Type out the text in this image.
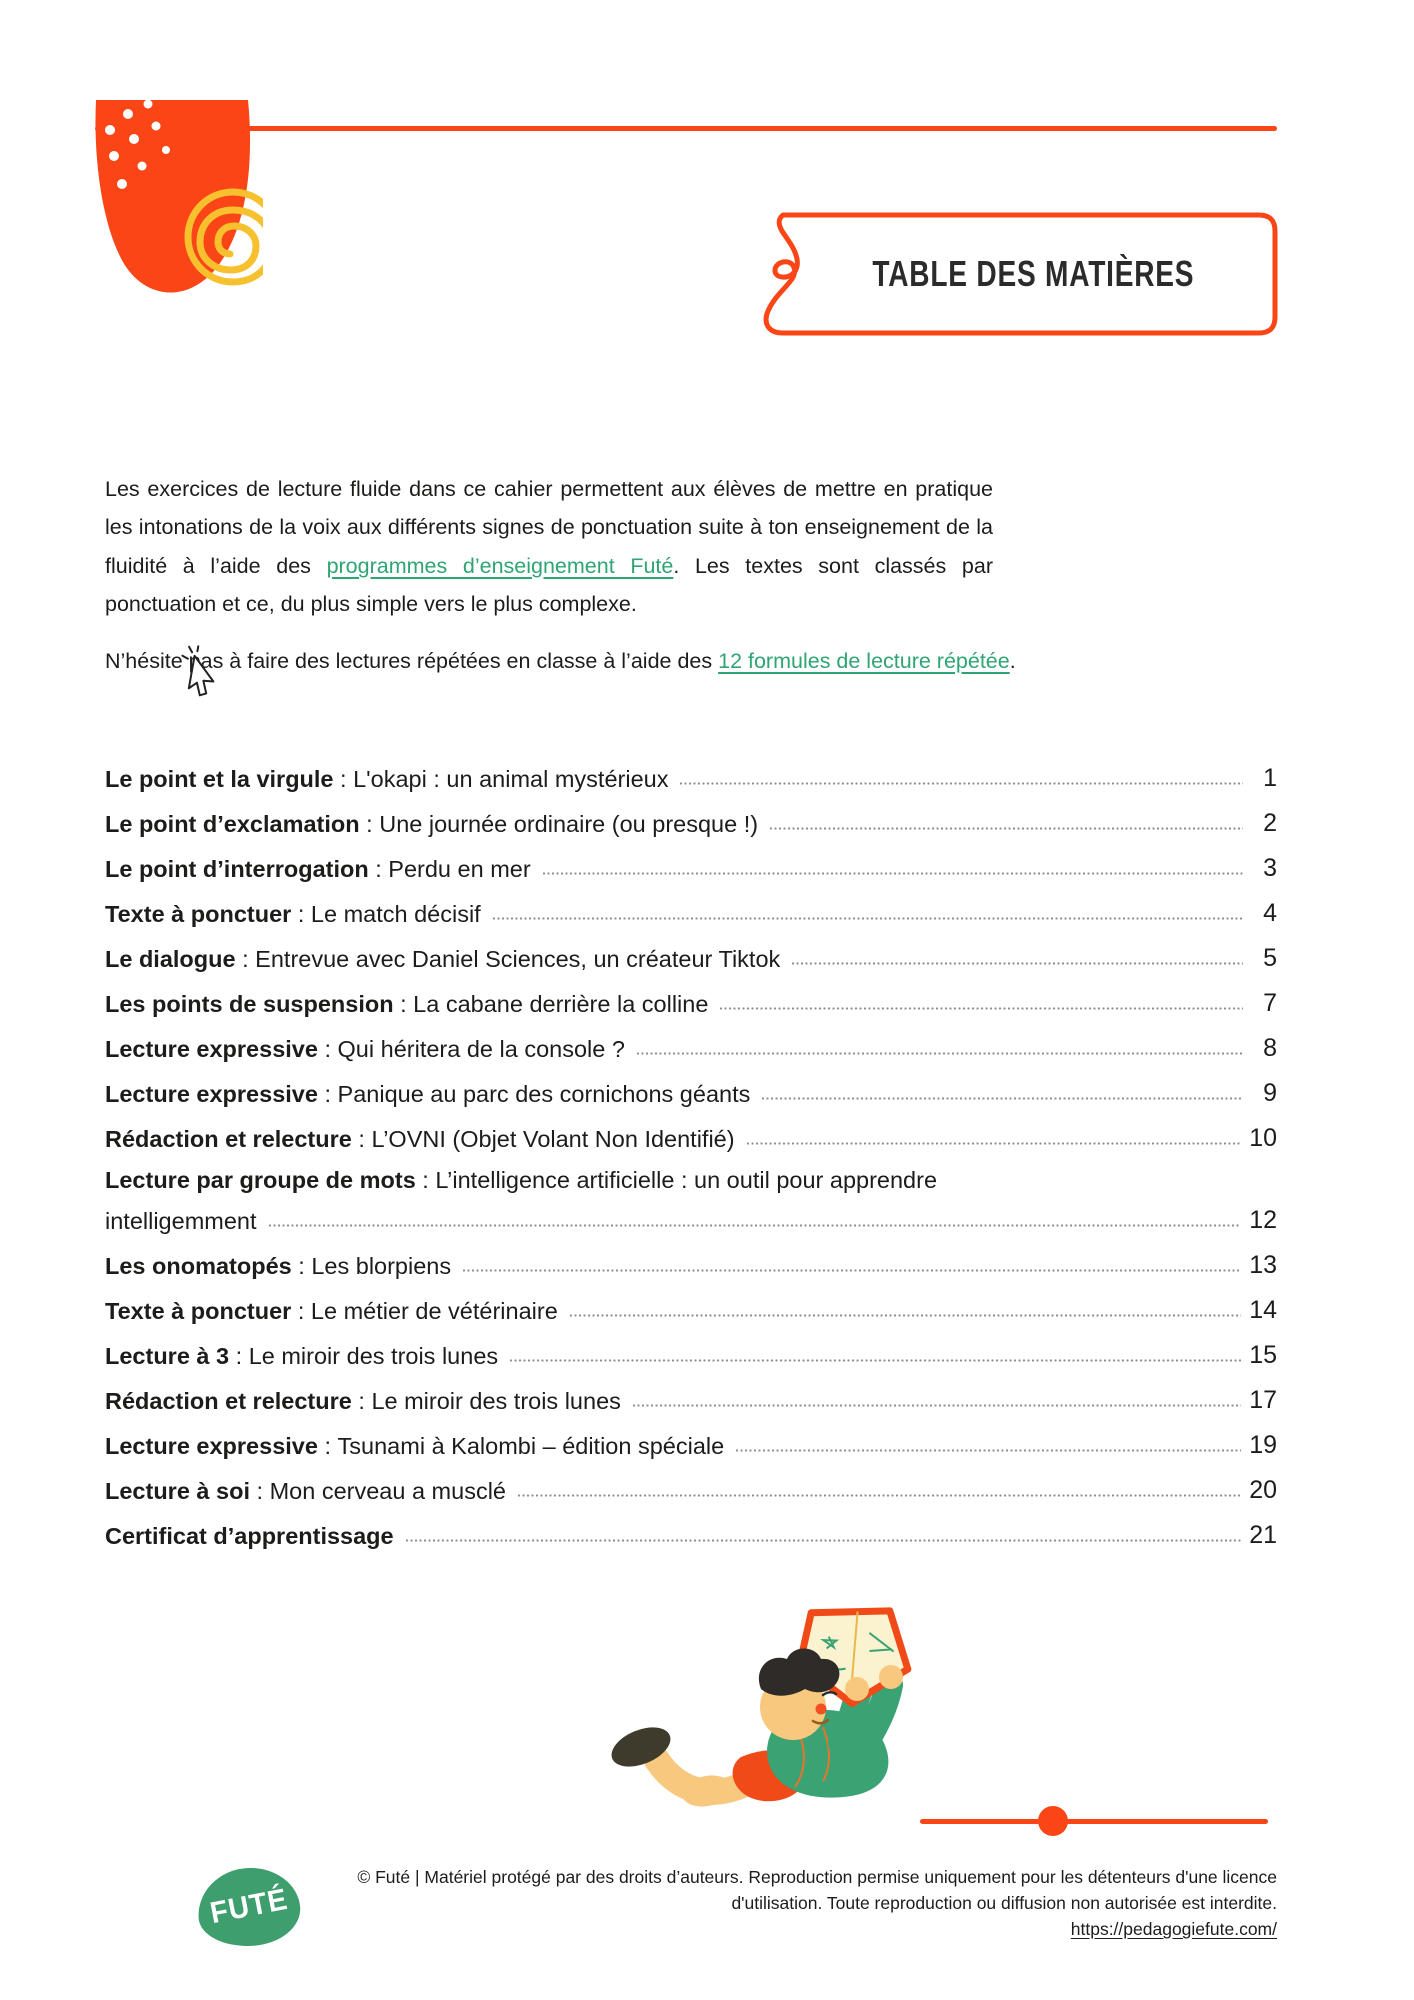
TABLE DES MATIÈRES

Les exercices de lecture fluide dans ce cahier permettent aux élèves de mettre en pratique les intonations de la voix aux différents signes de ponctuation suite à ton enseignement de la fluidité à l’aide des programmes d’enseignement Futé. Les textes sont classés par ponctuation et ce, du plus simple vers le plus complexe.

N’hésite pas à faire des lectures répétées en classe à l’aide des 12 formules de lecture répétée.

Le point et la virgule : L'okapi : un animal mystérieux	1
Le point d’exclamation : Une journée ordinaire (ou presque !)	2
Le point d’interrogation : Perdu en mer	3
Texte à ponctuer : Le match décisif	4
Le dialogue : Entrevue avec Daniel Sciences, un créateur Tiktok	5
Les points de suspension : La cabane derrière la colline	7
Lecture expressive : Qui héritera de la console ?	8
Lecture expressive : Panique au parc des cornichons géants	9
Rédaction et relecture : L’OVNI (Objet Volant Non Identifié)	10
Lecture par groupe de mots : L’intelligence artificielle : un outil pour apprendre
intelligemment	12
Les onomatopés : Les blorpiens	13
Texte à ponctuer : Le métier de vétérinaire	14
Lecture à 3 : Le miroir des trois lunes	15
Rédaction et relecture : Le miroir des trois lunes	17
Lecture expressive : Tsunami à Kalombi – édition spéciale	19
Lecture à soi : Mon cerveau a musclé	20
Certificat d’apprentissage	21
© Futé | Matériel protégé par des droits d’auteurs. Reproduction permise uniquement pour les détenteurs d'une licence
d'utilisation. Toute reproduction ou diffusion non autorisée est interdite.
https://pedagogiefute.com/
FUTÉ
